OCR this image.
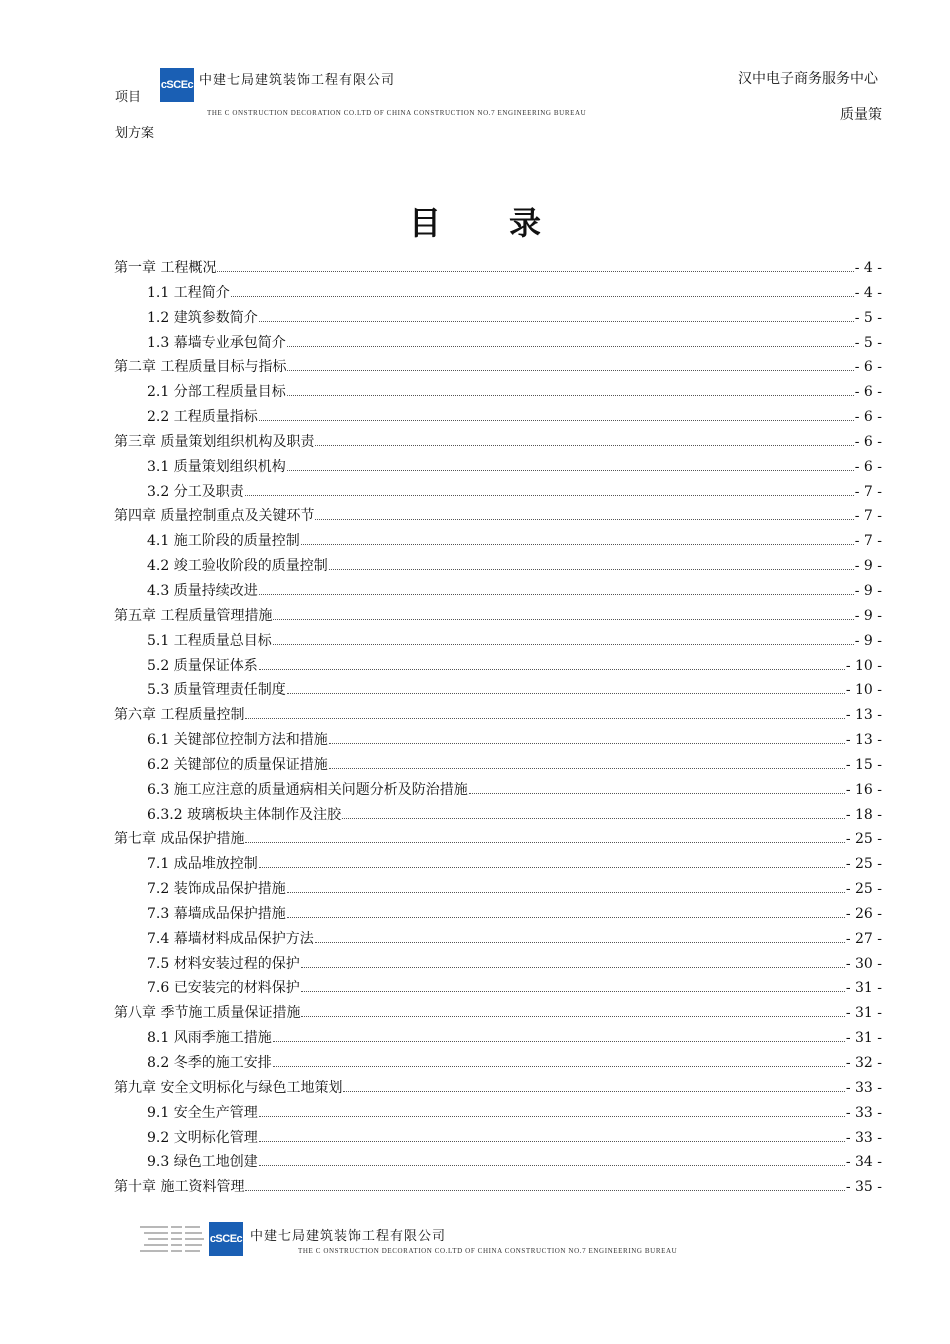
cSCEc 中建七局建筑装饰工程有限公司
THE C ONSTRUCTION DECORATION CO.LTD OF CHINA CONSTRUCTION NO.7 ENGINEERING BUREAU
项目
划方案
汉中电子商务服务中心
质量策
目录
第一章 工程概况	- 4 -
1.1 工程简介	- 4 -
1.2 建筑参数简介	- 5 -
1.3 幕墙专业承包简介	- 5 -
第二章 工程质量目标与指标	- 6 -
2.1 分部工程质量目标	- 6 -
2.2 工程质量指标	- 6 -
第三章 质量策划组织机构及职责	- 6 -
3.1 质量策划组织机构	- 6 -
3.2 分工及职责	- 7 -
第四章 质量控制重点及关键环节	- 7 -
4.1 施工阶段的质量控制	- 7 -
4.2 竣工验收阶段的质量控制	- 9 -
4.3 质量持续改进	- 9 -
第五章 工程质量管理措施	- 9 -
5.1 工程质量总目标	- 9 -
5.2 质量保证体系	- 10 -
5.3 质量管理责任制度	- 10 -
第六章 工程质量控制	- 13 -
6.1 关键部位控制方法和措施	- 13 -
6.2 关键部位的质量保证措施	- 15 -
6.3 施工应注意的质量通病相关问题分析及防治措施	- 16 -
6.3.2 玻璃板块主体制作及注胶	- 18 -
第七章 成品保护措施	- 25 -
7.1 成品堆放控制	- 25 -
7.2 装饰成品保护措施	- 25 -
7.3 幕墙成品保护措施	- 26 -
7.4 幕墙材料成品保护方法	- 27 -
7.5 材料安装过程的保护	- 30 -
7.6 已安装完的材料保护	- 31 -
第八章 季节施工质量保证措施	- 31 -
8.1 风雨季施工措施	- 31 -
8.2 冬季的施工安排	- 32 -
第九章 安全文明标化与绿色工地策划	- 33 -
9.1 安全生产管理	- 33 -
9.2 文明标化管理	- 33 -
9.3 绿色工地创建	- 34 -
第十章 施工资料管理	- 35 -
cSCEc 中建七局建筑装饰工程有限公司
THE C ONSTRUCTION DECORATION CO.LTD OF CHINA CONSTRUCTION NO.7 ENGINEERING BUREAU
